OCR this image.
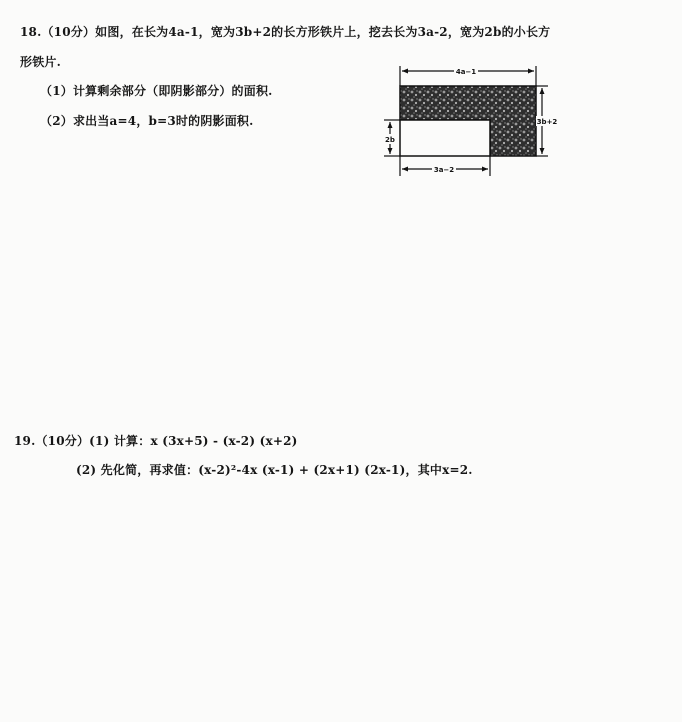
18.（10分）如图，在长为4a-1，宽为3b+2的长方形铁片上，挖去长为3a-2，宽为2b的小长方
形铁片.
（1）计算剩余部分（即阴影部分）的面积.
（2）求出当a=4，b=3时的阴影面积.
4a−1
3b+2
2b
3a−2
19.（10分）(1) 计算：x (3x+5) - (x-2) (x+2)
(2) 先化简，再求值：(x-2)²-4x (x-1) + (2x+1) (2x-1)，其中x=2.
